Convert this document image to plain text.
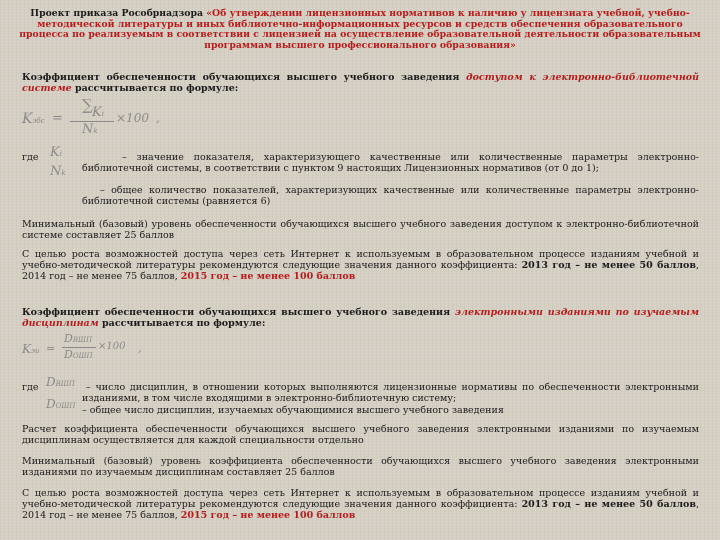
Проект приказа Рособрнадзора «Об утверждении лицензионных нормативов к наличию у лицензиата учебной, учебно-методической литературы и иных библиотечно-информационных ресурсов и средств обеспечения образовательного процесса по реализуемым в соответствии с лицензией на осуществление образовательной деятельности образовательным программам высшего профессионального образования»
Коэффициент обеспеченности обучающихся высшего учебного заведения доступом к электронно-библиотечной системе рассчитывается по формуле:
Kэбс =
∑ Ki
Nk
×100 ,
где Ki
Nk
– значение показателя, характеризующего качественные или количественные параметры электронно-библиотечной системы, в соответствии с пунктом 9 настоящих Лицензионных нормативов (от 0 до 1);
– общее количество показателей, характеризующих качественные или количественные параметры электронно-библиотечной системы (равняется 6)
Минимальный (базовый) уровень обеспеченности обучающихся высшего учебного заведения доступом к электронно-библиотечной системе составляет 25 баллов
С целью роста возможностей доступа через сеть Интернет к используемым в образовательном процессе изданиям учебной и учебно-методической литературы рекомендуются следующие значения данного коэффициента: 2013 год – не менее 50 баллов, 2014 год – не менее 75 баллов, 2015 год – не менее 100 баллов
Коэффициент обеспеченности обучающихся высшего учебного заведения электронными изданиями по изучаемым дисциплинам рассчитывается по формуле:
Kэи =
DВШП
DОШП
×100 ,
где DВШП
DОШП
– число дисциплин, в отношении которых выполняются лицензионные нормативы по обеспеченности электронными изданиями, в том числе входящими в электронно-библиотечную систему;
– общее число дисциплин, изучаемых обучающимися высшего учебного заведения
Расчет коэффициента обеспеченности обучающихся высшего учебного заведения электронными изданиями по изучаемым дисциплинам осуществляется для каждой специальности отдельно
Минимальный (базовый) уровень коэффициента обеспеченности обучающихся высшего учебного заведения электронными изданиями по изучаемым дисциплинам составляет 25 баллов
С целью роста возможностей доступа через сеть Интернет к используемым в образовательном процессе изданиям учебной и учебно-методической литературы рекомендуются следующие значения данного коэффициента: 2013 год – не менее 50 баллов, 2014 год – не менее 75 баллов, 2015 год – не менее 100 баллов
